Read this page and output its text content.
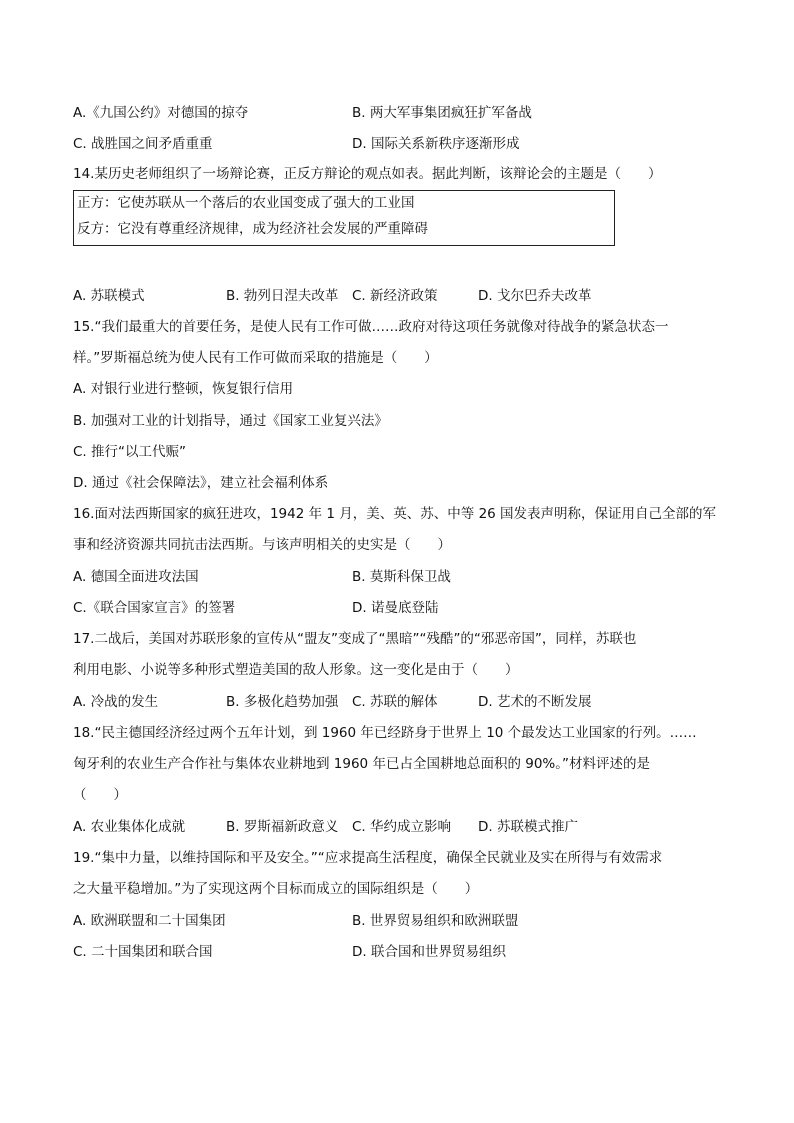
A.《九国公约》对德国的掠夺	B. 两大军事集团疯狂扩军备战
C. 战胜国之间矛盾重重	D. 国际关系新秩序逐渐形成
14.某历史老师组织了一场辩论赛，正反方辩论的观点如表。据此判断，该辩论会的主题是（　　）
正方：它使苏联从一个落后的农业国变成了强大的工业国
反方：它没有尊重经济规律，成为经济社会发展的严重障碍
A. 苏联模式	B. 勃列日涅夫改革 C. 新经济政策	D. 戈尔巴乔夫改革
15.“我们最重大的首要任务，是使人民有工作可做……政府对待这项任务就像对待战争的紧急状态一
样。”罗斯福总统为使人民有工作可做而采取的措施是（　　）
A. 对银行业进行整顿，恢复银行信用
B. 加强对工业的计划指导，通过《国家工业复兴法》
C. 推行“以工代赈”
D. 通过《社会保障法》，建立社会福利体系
16.面对法西斯国家的疯狂进攻，1942 年 1 月，美、英、苏、中等 26 国发表声明称，保证用自己全部的军
事和经济资源共同抗击法西斯。与该声明相关的史实是（　　）
A. 德国全面进攻法国	B. 莫斯科保卫战
C.《联合国家宣言》的签署	D. 诺曼底登陆
17.二战后，美国对苏联形象的宣传从“盟友”变成了“黑暗”“残酷”的“邪恶帝国”，同样，苏联也
利用电影、小说等多种形式塑造美国的敌人形象。这一变化是由于（　　）
A. 冷战的发生	B. 多极化趋势加强 C. 苏联的解体	D. 艺术的不断发展
18.“民主德国经济经过两个五年计划，到 1960 年已经跻身于世界上 10 个最发达工业国家的行列。……
匈牙利的农业生产合作社与集体农业耕地到 1960 年已占全国耕地总面积的 90%。”材料评述的是
（　　）
A. 农业集体化成就	B. 罗斯福新政意义 C. 华约成立影响 D. 苏联模式推广
19.“集中力量，以维持国际和平及安全。”“应求提高生活程度，确保全民就业及实在所得与有效需求
之大量平稳增加。”为了实现这两个目标而成立的国际组织是（　　）
A. 欧洲联盟和二十国集团	B. 世界贸易组织和欧洲联盟
C. 二十国集团和联合国	D. 联合国和世界贸易组织
